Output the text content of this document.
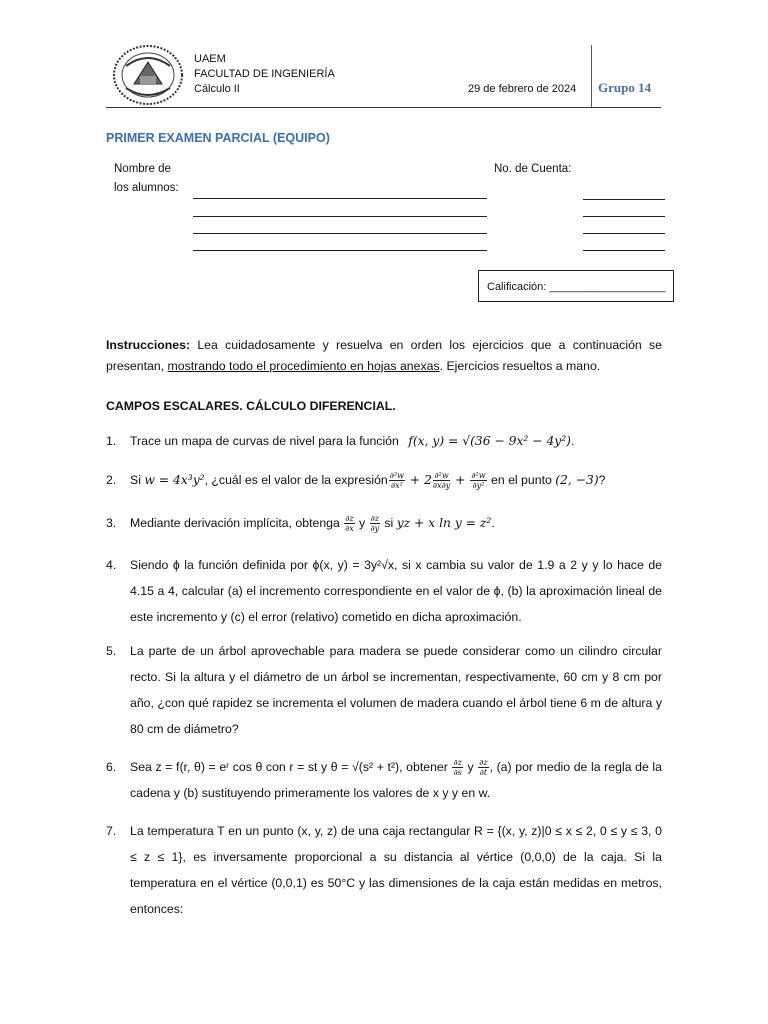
UAEM
FACULTAD DE INGENIERÍA
Cálculo II	29 de febrero de 2024 Grupo 14
PRIMER EXAMEN PARCIAL (EQUIPO)
Nombre de
los alumnos:
No. de Cuenta:
Calificación: ___________________
Instrucciones: Lea cuidadosamente y resuelva en orden los ejercicios que a continuación se presentan, mostrando todo el procedimiento en hojas anexas. Ejercicios resueltos a mano.
CAMPOS ESCALARES. CÁLCULO DIFERENCIAL.
1. Trace un mapa de curvas de nivel para la función f(x, y) = √(36 − 9x² − 4y²).
2. Si w = 4x³y², ¿cuál es el valor de la expresión $\frac{\text{∂²w}}{\text{∂x²}} + 2 \frac{\text{∂²w}}{\partial x\partial y} + \frac{\text{∂²w}}{\text{∂y²}}$ en el punto (2, −3)?
3. Mediante derivación implícita, obtenga $\frac{\partial z}{\partial x}$ y $\frac{\partial z}{\partial y}$ si yz + x ln y = z².
4. Siendo ϕ la función definida por ϕ(x, y) = 3y²√x, si x cambia su valor de 1.9 a 2 y y lo hace de 4.15 a 4, calcular (a) el incremento correspondiente en el valor de ϕ, (b) la aproximación lineal de este incremento y (c) el error (relativo) cometido en dicha aproximación.
5. La parte de un árbol aprovechable para madera se puede considerar como un cilindro circular recto. Si la altura y el diámetro de un árbol se incrementan, respectivamente, 60 cm y 8 cm por año, ¿con qué rapidez se incrementa el volumen de madera cuando el árbol tiene 6 m de altura y 80 cm de diámetro?
6. Sea z = f(r, θ) = eʳ cos θ con r = st y θ = √(s² + t²), obtener $\frac{\partial z}{\partial s}$ y $\frac{\partial z}{\partial t}$ , (a) por medio de la regla de la cadena y (b) sustituyendo primeramente los valores de x y y en w.
7. La temperatura T en un punto (x, y, z) de una caja rectangular R = {(x, y, z)|0 ≤ x ≤ 2, 0 ≤ y ≤ 3, 0 ≤ z ≤ 1}, es inversamente proporcional a su distancia al vértice (0,0,0) de la caja. Si la temperatura en el vértice (0,0,1) es 50°C y las dimensiones de la caja están medidas en metros, entonces:
